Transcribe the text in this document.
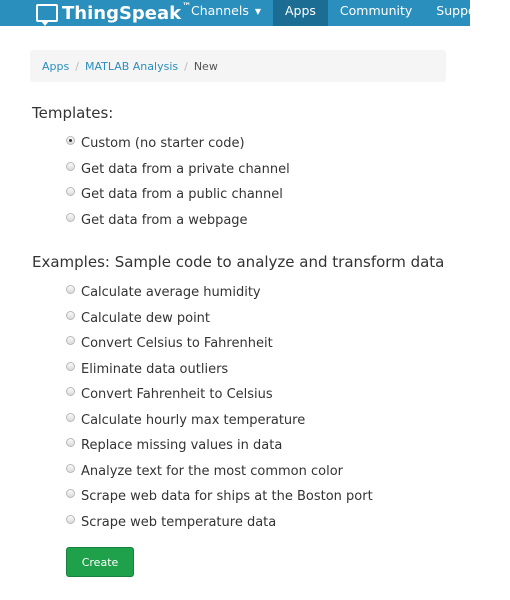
ThingSpeak™ Channels ▼	Apps	Community	Support ▼
Apps / MATLAB Analysis / New
Templates:
Custom (no starter code)
Get data from a private channel
Get data from a public channel
Get data from a webpage
Examples: Sample code to analyze and transform data
Calculate average humidity
Calculate dew point
Convert Celsius to Fahrenheit
Eliminate data outliers
Convert Fahrenheit to Celsius
Calculate hourly max temperature
Replace missing values in data
Analyze text for the most common color
Scrape web data for ships at the Boston port
Scrape web temperature data
Create
